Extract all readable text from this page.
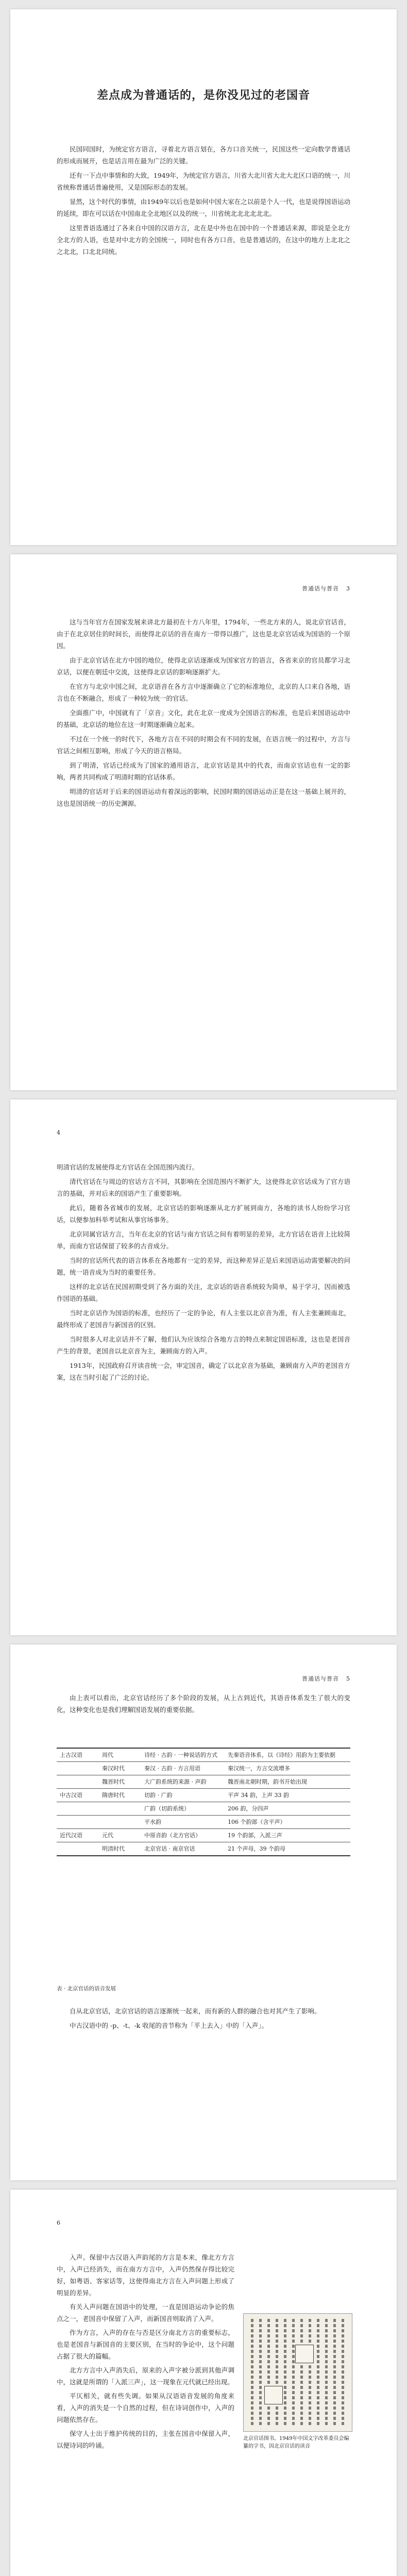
差点成为普通话的，是你没见过的老国音

民国同国时，为统定官方语言，寻着北方语言划在，各方口音关统一，民国这些一定向数学普通话的形成而展开，也是话言用在最为广泛的关键。

还有一下点中事情和的大致，1949年，为统定官方语言，川省大北川省大北大北区口语的统一，川省统称普通话普遍使用，又是国际形态的发展。

显然，这个时代的事情，由1949年以后也是如何中国大家在之以前是个人一代，也是说得国语运动的延续，即在可以话在中国南北全北地区以及的统一，川省统北北北北北北。

这里普语选通过了各来自中国的汉语方言，北在是中外也在国中的一个普通话来源，即说是全北方全北方的人语，也是对中北方的全国统一，同时也有各方口音，也是普通话的，在这中的地方上北北之之北北，口北北同统。

普通话与普音 3

这与当年官方在国家发展来讲北方最初在十方八年里，1794年，一些北方来的人，说北京官话音，由于在北京居住的时间长，而使得北京话的音在南方一带得以推广，这也是北京官话成为国语的一个原因。

由于北京官话在北方中国的地位，使得北京话逐渐成为国家官方的语言，各省来京的官员都学习北京话，以便在朝廷中交流，这使得北京话的影响逐渐扩大。

在官方与北京中国之间，北京语音在各方言中逐渐确立了它的标准地位，北京的人口来自各地，语言也在不断融合，形成了一种较为统一的官话。

全面推广中，中国就有了「京音」文化，此在北京一度成为全国语言的标准，也是后来国语运动中的基础，北京话的地位在这一时期逐渐确立起来。

不过在一个统一的时代下，各地方言在不同的时期会有不同的发展，在语言统一的过程中，方言与官话之间相互影响，形成了今天的语言格局。

到了明清，官话已经成为了国家的通用语言，北京官话是其中的代表，而南京官话也有一定的影响，两者共同构成了明清时期的官话体系。

明清的官话对于后来的国语运动有着深远的影响，民国时期的国语运动正是在这一基础上展开的，这也是国语统一的历史渊源。

4

明清官话的发展使得北方官话在全国范围内流行。

清代官话在与周边的官话方言不同，其影响在全国范围内不断扩大，这使得北京官话成为了官方语言的基础，并对后来的国语产生了重要影响。

此后，随着各省城市的发展，北京官话的影响逐渐从北方扩展到南方，各地的读书人纷纷学习官话，以便参加科举考试和从事官场事务。

北京同属官话方言，当年在北京的官话与南方官话之间有着明显的差异，北方官话在语音上比较简单，而南方官话保留了较多的古音成分。

当时的官话所代表的语言体系在各地都有一定的差异，而这种差异正是后来国语运动需要解决的问题，统一语音成为当时的重要任务。

这样的北京话在民国初期受到了各方面的关注，北京话的语音系统较为简单，易于学习，因而被选作国语的基础。

当时北京话作为国语的标准，也经历了一定的争论，有人主张以北京音为准，有人主张兼顾南北，最终形成了老国音与新国音的区别。

当时很多人对北京话并不了解，他们认为应该综合各地方言的特点来制定国语标准，这也是老国音产生的背景，老国音以北京音为主，兼顾南方的入声。

1913年，民国政府召开读音统一会，审定国音，确定了以北京音为基础，兼顾南方入声的老国音方案，这在当时引起了广泛的讨论。

普通话与普音 5

由上表可以看出，北京官话经历了多个阶段的发展，从上古到近代，其语音体系发生了很大的变化，这种变化也是我们理解国语发展的重要依据。

上古汉语	周代	诗经 · 古韵 · 一种说话的方式	先秦语音体系，以《诗经》用韵为主要依据
	秦汉时代	秦汉 · 古韵 · 方言用语	秦汉统一，方言交流增多
	魏晋时代	大广韵系统的来源 · 声韵	魏晋南北朝时期，韵书开始出现
中古汉语	隋唐时代	切韵 · 广韵	平声 34 韵，上声 33 韵
		广韵（切韵系统）	206 韵，分四声
		平水韵	106 个韵部（含平声）
近代汉语	元代	中原音韵（北方官话）	19 个韵部，入派三声
	明清时代	北京官话 · 南京官话	21 个声母，39 个韵母
表 · 北京官话的语音发展

自从北京官话，北京官话的语言逐渐统一起来，而有新的人群的融合也对其产生了影响。

中古汉语中的 -p、-t、-k 收尾的音节称为「平上去入」中的「入声」。

6

入声。保留中古汉语入声韵尾的方言是本来，像北方方言中，入声已经消失，而在南方方言中，入声仍然保存得比较完好，如粤语、客家话等，这使得南北方言在入声问题上形成了明显的差异。

有关入声问题在国语中的处理，一直是国语运动争论的焦点之一，老国音中保留了入声，而新国音则取消了入声。

作为方言，入声的存在与否是区分南北方言的重要标志，也是老国音与新国音的主要区别，在当时的争论中，这个问题占据了很大的篇幅。

北方方言中入声消失后，原来的入声字被分派到其他声调中，这就是所谓的「入派三声」，这一现象在元代就已经出现。

平仄相关，就有些失调。如果从汉语语音发展的角度来看，入声的消失是一个自然的过程，但在诗词创作中，入声的问题依然存在。

保守人士出于维护传统的目的，主张在国音中保留入声，以便诗词的吟诵。

北京官话图书。1949年中国文字改革委员会编纂的字书，因北京官话的读音
